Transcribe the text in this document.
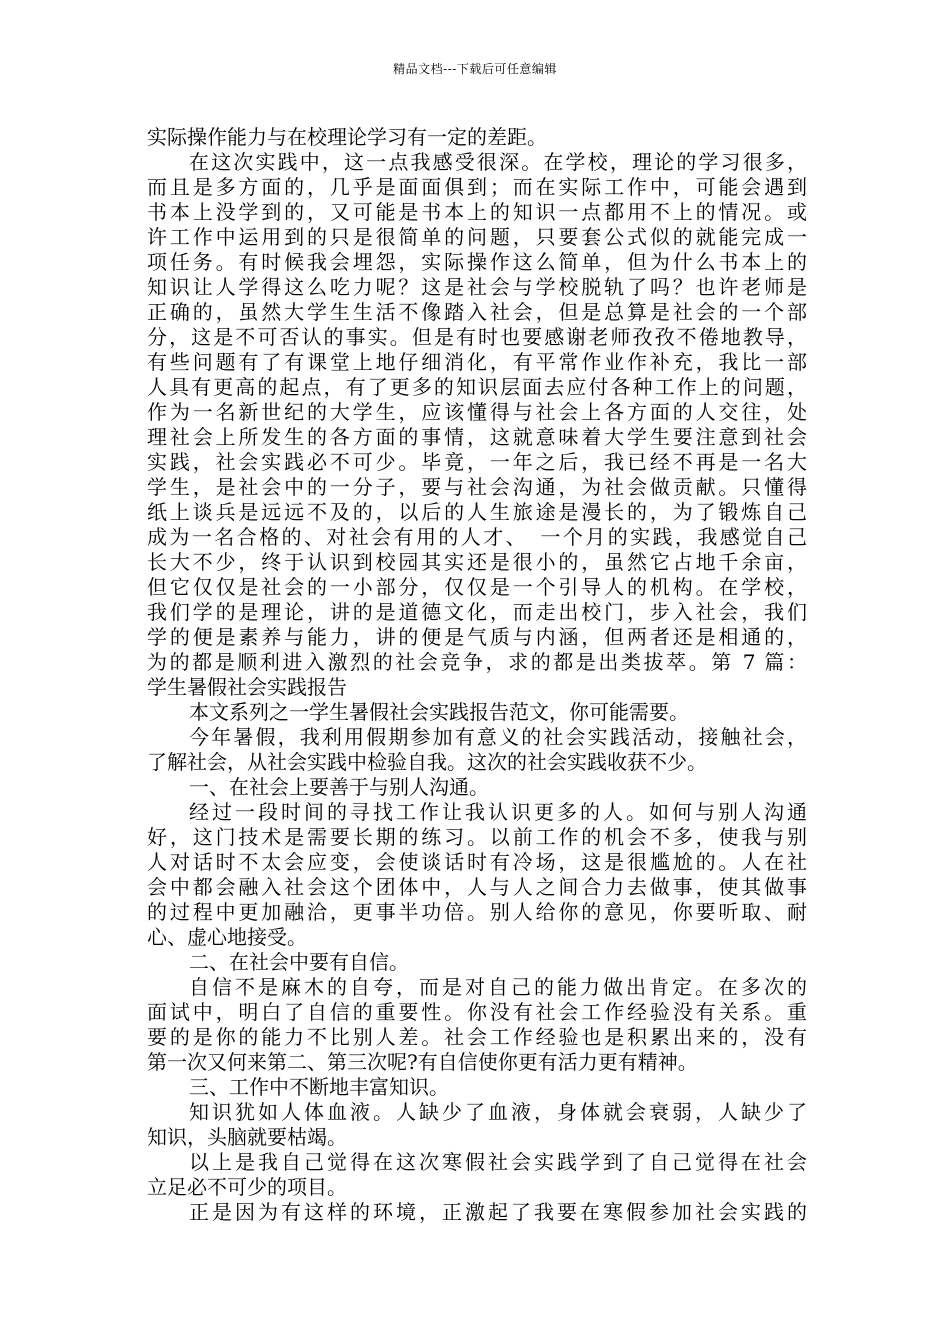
精品文档---下载后可任意编辑
实际操作能力与在校理论学习有一定的差距。
在这次实践中，这一点我感受很深。在学校，理论的学习很多，
而且是多方面的，几乎是面面俱到；而在实际工作中，可能会遇到
书本上没学到的，又可能是书本上的知识一点都用不上的情况。或
许工作中运用到的只是很简单的问题，只要套公式似的就能完成一
项任务。有时候我会埋怨，实际操作这么简单，但为什么书本上的
知识让人学得这么吃力呢？这是社会与学校脱轨了吗？也许老师是
正确的，虽然大学生生活不像踏入社会，但是总算是社会的一个部
分，这是不可否认的事实。但是有时也要感谢老师孜孜不倦地教导，
有些问题有了有课堂上地仔细消化，有平常作业作补充，我比一部
人具有更高的起点，有了更多的知识层面去应付各种工作上的问题，
作为一名新世纪的大学生，应该懂得与社会上各方面的人交往，处
理社会上所发生的各方面的事情，这就意味着大学生要注意到社会
实践，社会实践必不可少。毕竟，一年之后，我已经不再是一名大
学生，是社会中的一分子，要与社会沟通，为社会做贡献。只懂得
纸上谈兵是远远不及的，以后的人生旅途是漫长的，为了锻炼自己
成为一名合格的、对社会有用的人才、　一个月的实践，我感觉自己
长大不少，终于认识到校园其实还是很小的，虽然它占地千余亩，
但它仅仅是社会的一小部分，仅仅是一个引导人的机构。在学校，
我们学的是理论，讲的是道德文化，而走出校门，步入社会，我们
学的便是素养与能力，讲的便是气质与内涵，但两者还是相通的，
为的都是顺利进入激烈的社会竞争，求的都是出类拔萃。第 7 篇：
学生暑假社会实践报告
本文系列之一学生暑假社会实践报告范文，你可能需要。
今年暑假，我利用假期参加有意义的社会实践活动，接触社会，
了解社会，从社会实践中检验自我。这次的社会实践收获不少。
一、在社会上要善于与别人沟通。
经过一段时间的寻找工作让我认识更多的人。如何与别人沟通
好，这门技术是需要长期的练习。以前工作的机会不多，使我与别
人对话时不太会应变，会使谈话时有冷场，这是很尴尬的。人在社
会中都会融入社会这个团体中，人与人之间合力去做事，使其做事
的过程中更加融洽，更事半功倍。别人给你的意见，你要听取、耐
心、虚心地接受。
二、在社会中要有自信。
自信不是麻木的自夸，而是对自己的能力做出肯定。在多次的
面试中，明白了自信的重要性。你没有社会工作经验没有关系。重
要的是你的能力不比别人差。社会工作经验也是积累出来的，没有
第一次又何来第二、第三次呢?有自信使你更有活力更有精神。
三、工作中不断地丰富知识。
知识犹如人体血液。人缺少了血液，身体就会衰弱，人缺少了
知识，头脑就要枯竭。
以上是我自己觉得在这次寒假社会实践学到了自己觉得在社会
立足必不可少的项目。
正是因为有这样的环境，正激起了我要在寒假参加社会实践的
